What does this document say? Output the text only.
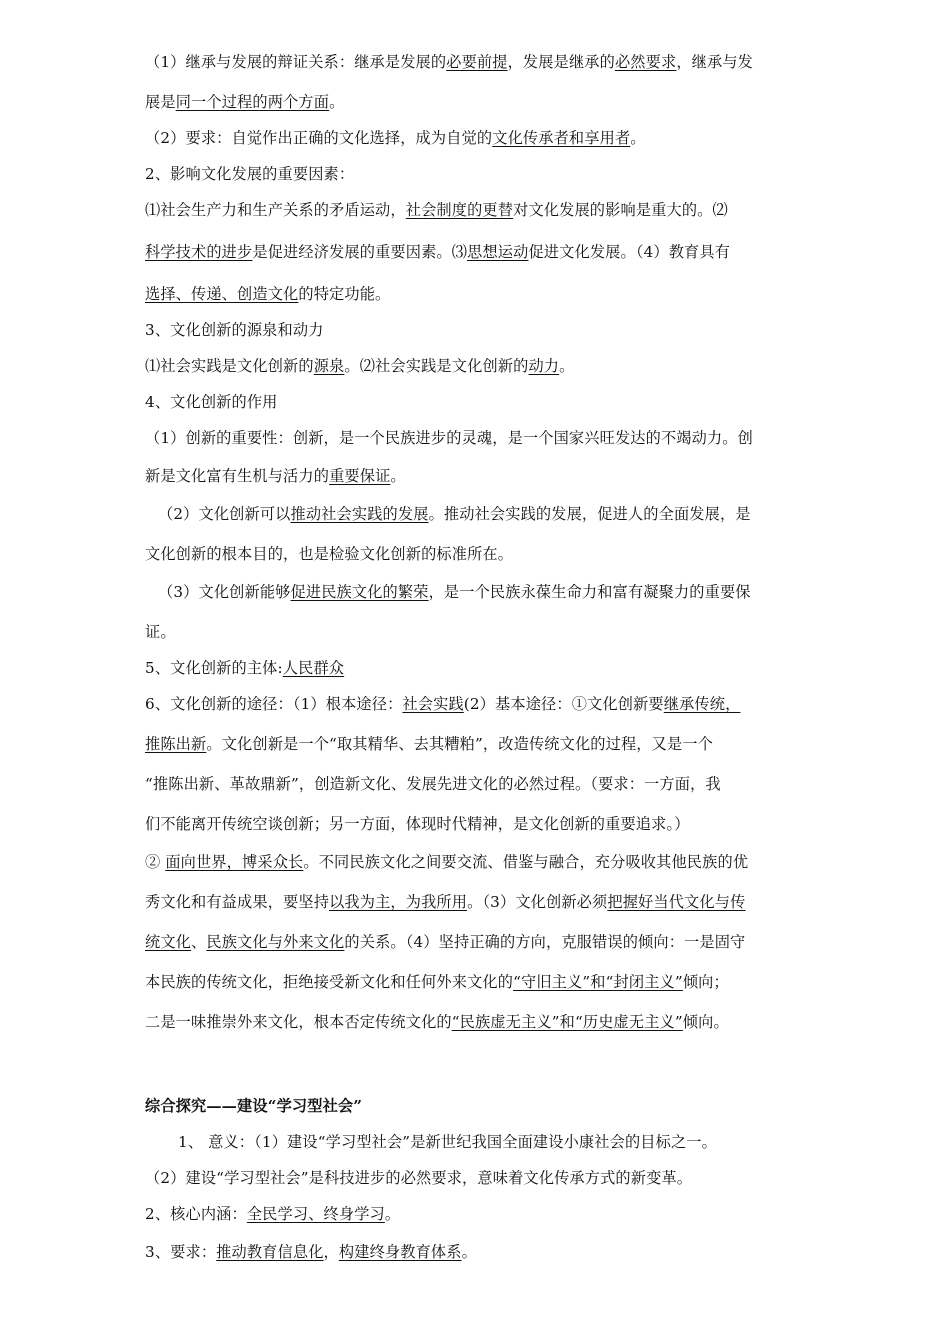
（1）继承与发展的辩证关系：继承是发展的必要前提，发展是继承的必然要求，继承与发
展是同一个过程的两个方面。
（2）要求：自觉作出正确的文化选择，成为自觉的文化传承者和享用者。
2、影响文化发展的重要因素：
⑴社会生产力和生产关系的矛盾运动，社会制度的更替对文化发展的影响是重大的。⑵
科学技术的进步是促进经济发展的重要因素。⑶思想运动促进文化发展。（4）教育具有
选择、传递、创造文化的特定功能。
3、文化创新的源泉和动力
⑴社会实践是文化创新的源泉。⑵社会实践是文化创新的动力。
4、文化创新的作用
（1）创新的重要性：创新，是一个民族进步的灵魂，是一个国家兴旺发达的不竭动力。创
新是文化富有生机与活力的重要保证。
（2）文化创新可以推动社会实践的发展。推动社会实践的发展，促进人的全面发展，是
文化创新的根本目的，也是检验文化创新的标准所在。
（3）文化创新能够促进民族文化的繁荣，是一个民族永葆生命力和富有凝聚力的重要保
证。
5、文化创新的主体:人民群众
6、文化创新的途径：（1）根本途径：社会实践(2）基本途径：①文化创新要继承传统，
推陈出新。文化创新是一个“取其精华、去其糟粕”，改造传统文化的过程，又是一个
“推陈出新、革故鼎新”，创造新文化、发展先进文化的必然过程。（要求：一方面，我
们不能离开传统空谈创新；另一方面，体现时代精神，是文化创新的重要追求。）
② 面向世界，博采众长。不同民族文化之间要交流、借鉴与融合，充分吸收其他民族的优
秀文化和有益成果，要坚持以我为主，为我所用。（3）文化创新必须把握好当代文化与传
统文化、民族文化与外来文化的关系。（4）坚持正确的方向，克服错误的倾向：一是固守
本民族的传统文化，拒绝接受新文化和任何外来文化的“守旧主义”和“封闭主义”倾向；
二是一味推崇外来文化，根本否定传统文化的“民族虚无主义”和“历史虚无主义”倾向。
综合探究——建设“学习型社会”
1、 意义：（1）建设“学习型社会”是新世纪我国全面建设小康社会的目标之一。
（2）建设“学习型社会”是科技进步的必然要求，意味着文化传承方式的新变革。
2、核心内涵：全民学习、终身学习。
3、要求：推动教育信息化，构建终身教育体系。
